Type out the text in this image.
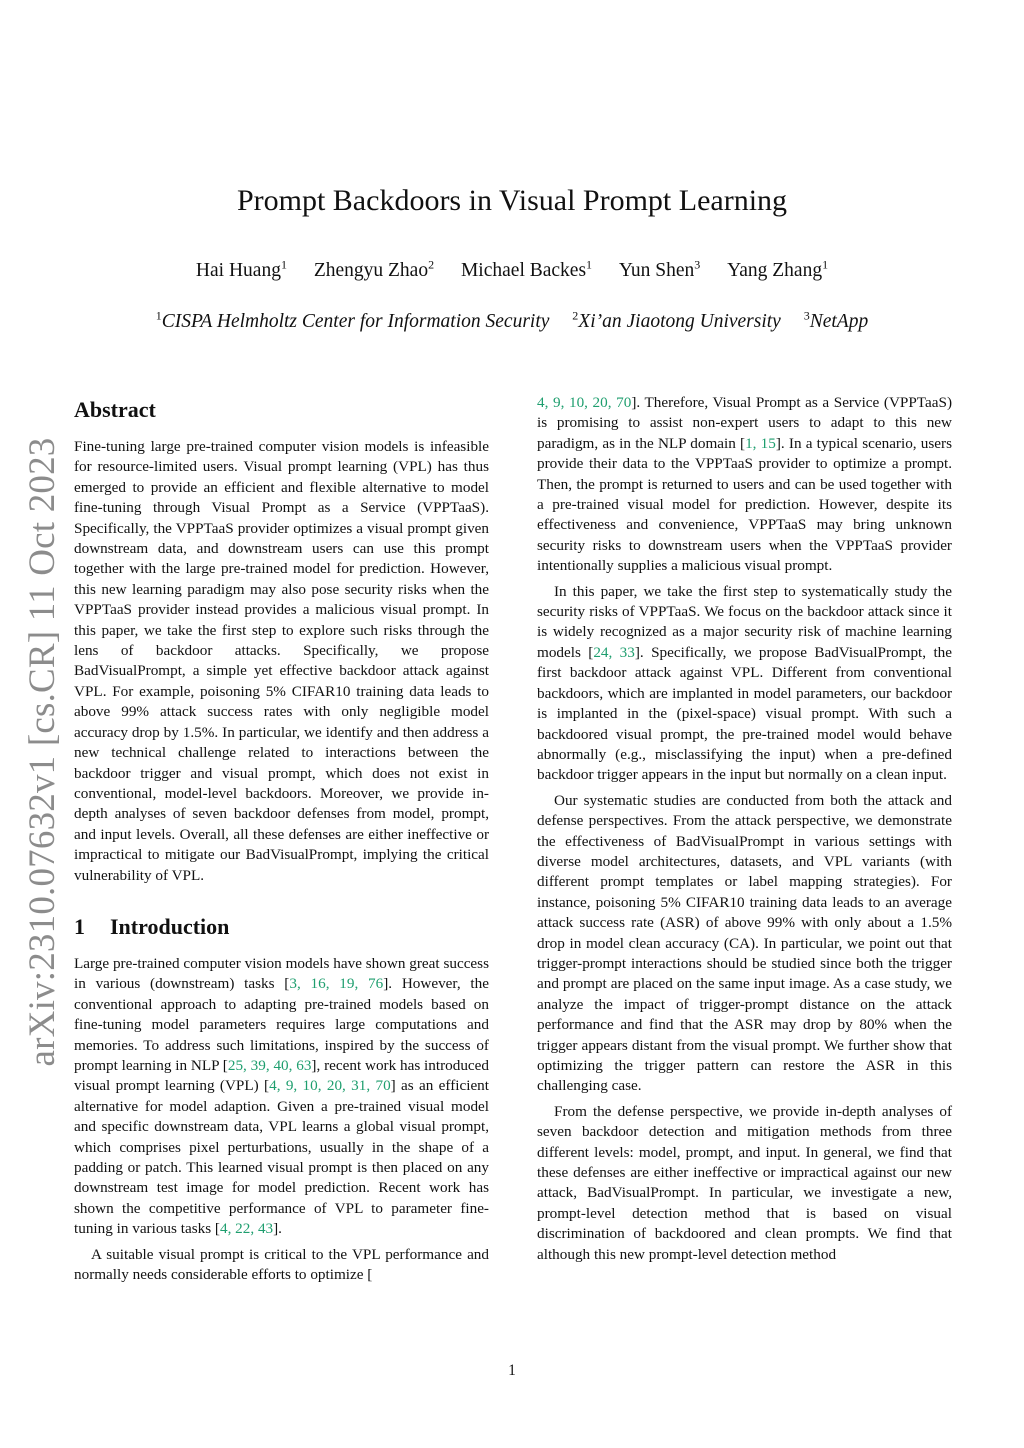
arXiv:2310.07632v1 [cs.CR] 11 Oct 2023
Prompt Backdoors in Visual Prompt Learning
Hai Huang$^1$ Zhengyu Zhao$^2$ Michael Backes$^1$ Yun Shen$^3$ Yang Zhang$^1$
$^1$CISPA Helmholtz Center for Information Security $^2$Xi’an Jiaotong University $^3$NetApp
Abstract

Fine-tuning large pre-trained computer vision models is infeasible for resource-limited users. Visual prompt learning (VPL) has thus emerged to provide an efficient and flexible alternative to model fine-tuning through Visual Prompt as a Service (VPPTaaS). Specifically, the VPPTaaS provider optimizes a visual prompt given downstream data, and downstream users can use this prompt together with the large pre-trained model for prediction. However, this new learning paradigm may also pose security risks when the VPPTaaS provider instead provides a malicious visual prompt. In this paper, we take the first step to explore such risks through the lens of backdoor attacks. Specifically, we propose BadVisualPrompt, a simple yet effective backdoor attack against VPL. For example, poisoning 5% CIFAR10 training data leads to above 99% attack success rates with only negligible model accuracy drop by 1.5%. In particular, we identify and then address a new technical challenge related to interactions between the backdoor trigger and visual prompt, which does not exist in conventional, model-level backdoors. Moreover, we provide in-depth analyses of seven backdoor defenses from model, prompt, and input levels. Overall, all these defenses are either ineffective or impractical to mitigate our BadVisualPrompt, implying the critical vulnerability of VPL.

1 Introduction

Large pre-trained computer vision models have shown great success in various (downstream) tasks [3, 16, 19, 76]. However, the conventional approach to adapting pre-trained models based on fine-tuning model parameters requires large computations and memories. To address such limitations, inspired by the success of prompt learning in NLP [25, 39, 40, 63], recent work has introduced visual prompt learning (VPL) [4, 9, 10, 20, 31, 70] as an efficient alternative for model adaption. Given a pre-trained visual model and specific downstream data, VPL learns a global visual prompt, which comprises pixel perturbations, usually in the shape of a padding or patch. This learned visual prompt is then placed on any downstream test image for model prediction. Recent work has shown the competitive performance of VPL to parameter fine-tuning in various tasks [4, 22, 43].

A suitable visual prompt is critical to the VPL performance and normally needs considerable efforts to optimize [

4, 9, 10, 20, 70]. Therefore, Visual Prompt as a Service (VPPTaaS) is promising to assist non-expert users to adapt to this new paradigm, as in the NLP domain [1, 15]. In a typical scenario, users provide their data to the VPPTaaS provider to optimize a prompt. Then, the prompt is returned to users and can be used together with a pre-trained visual model for prediction. However, despite its effectiveness and convenience, VPPTaaS may bring unknown security risks to downstream users when the VPPTaaS provider intentionally supplies a malicious visual prompt.

In this paper, we take the first step to systematically study the security risks of VPPTaaS. We focus on the backdoor attack since it is widely recognized as a major security risk of machine learning models [24, 33]. Specifically, we propose BadVisualPrompt, the first backdoor attack against VPL. Different from conventional backdoors, which are implanted in model parameters, our backdoor is implanted in the (pixel-space) visual prompt. With such a backdoored visual prompt, the pre-trained model would behave abnormally (e.g., misclassifying the input) when a pre-defined backdoor trigger appears in the input but normally on a clean input.

Our systematic studies are conducted from both the attack and defense perspectives. From the attack perspective, we demonstrate the effectiveness of BadVisualPrompt in various settings with diverse model architectures, datasets, and VPL variants (with different prompt templates or label mapping strategies). For instance, poisoning 5% CIFAR10 training data leads to an average attack success rate (ASR) of above 99% with only about a 1.5% drop in model clean accuracy (CA). In particular, we point out that trigger-prompt interactions should be studied since both the trigger and prompt are placed on the same input image. As a case study, we analyze the impact of trigger-prompt distance on the attack performance and find that the ASR may drop by 80% when the trigger appears distant from the visual prompt. We further show that optimizing the trigger pattern can restore the ASR in this challenging case.

From the defense perspective, we provide in-depth analyses of seven backdoor detection and mitigation methods from three different levels: model, prompt, and input. In general, we find that these defenses are either ineffective or impractical against our new attack, BadVisualPrompt. In particular, we investigate a new, prompt-level detection method that is based on visual discrimination of backdoored and clean prompts. We find that although this new prompt-level detection method

1
